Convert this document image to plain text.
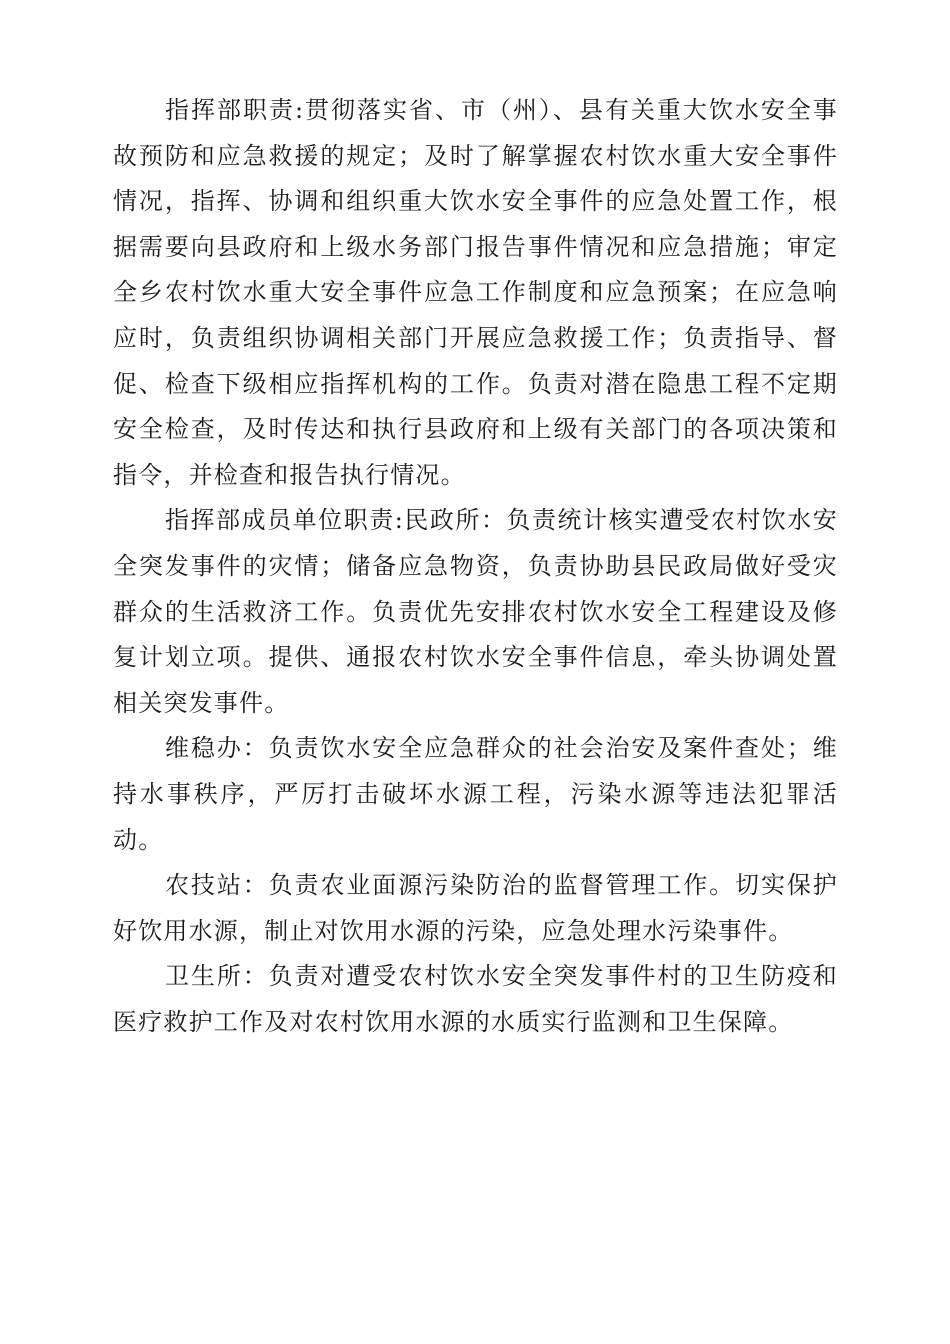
指挥部职责:贯彻落实省、市（州）、县有关重大饮水安全事故预防和应急救援的规定；及时了解掌握农村饮水重大安全事件情况，指挥、协调和组织重大饮水安全事件的应急处置工作，根据需要向县政府和上级水务部门报告事件情况和应急措施；审定全乡农村饮水重大安全事件应急工作制度和应急预案；在应急响应时，负责组织协调相关部门开展应急救援工作；负责指导、督促、检查下级相应指挥机构的工作。负责对潜在隐患工程不定期安全检查，及时传达和执行县政府和上级有关部门的各项决策和指令，并检查和报告执行情况。

指挥部成员单位职责:民政所：负责统计核实遭受农村饮水安全突发事件的灾情；储备应急物资，负责协助县民政局做好受灾群众的生活救济工作。负责优先安排农村饮水安全工程建设及修复计划立项。提供、通报农村饮水安全事件信息，牵头协调处置相关突发事件。

维稳办：负责饮水安全应急群众的社会治安及案件查处；维持水事秩序，严厉打击破坏水源工程，污染水源等违法犯罪活动。

农技站：负责农业面源污染防治的监督管理工作。切实保护好饮用水源，制止对饮用水源的污染，应急处理水污染事件。

卫生所：负责对遭受农村饮水安全突发事件村的卫生防疫和医疗救护工作及对农村饮用水源的水质实行监测和卫生保障。
